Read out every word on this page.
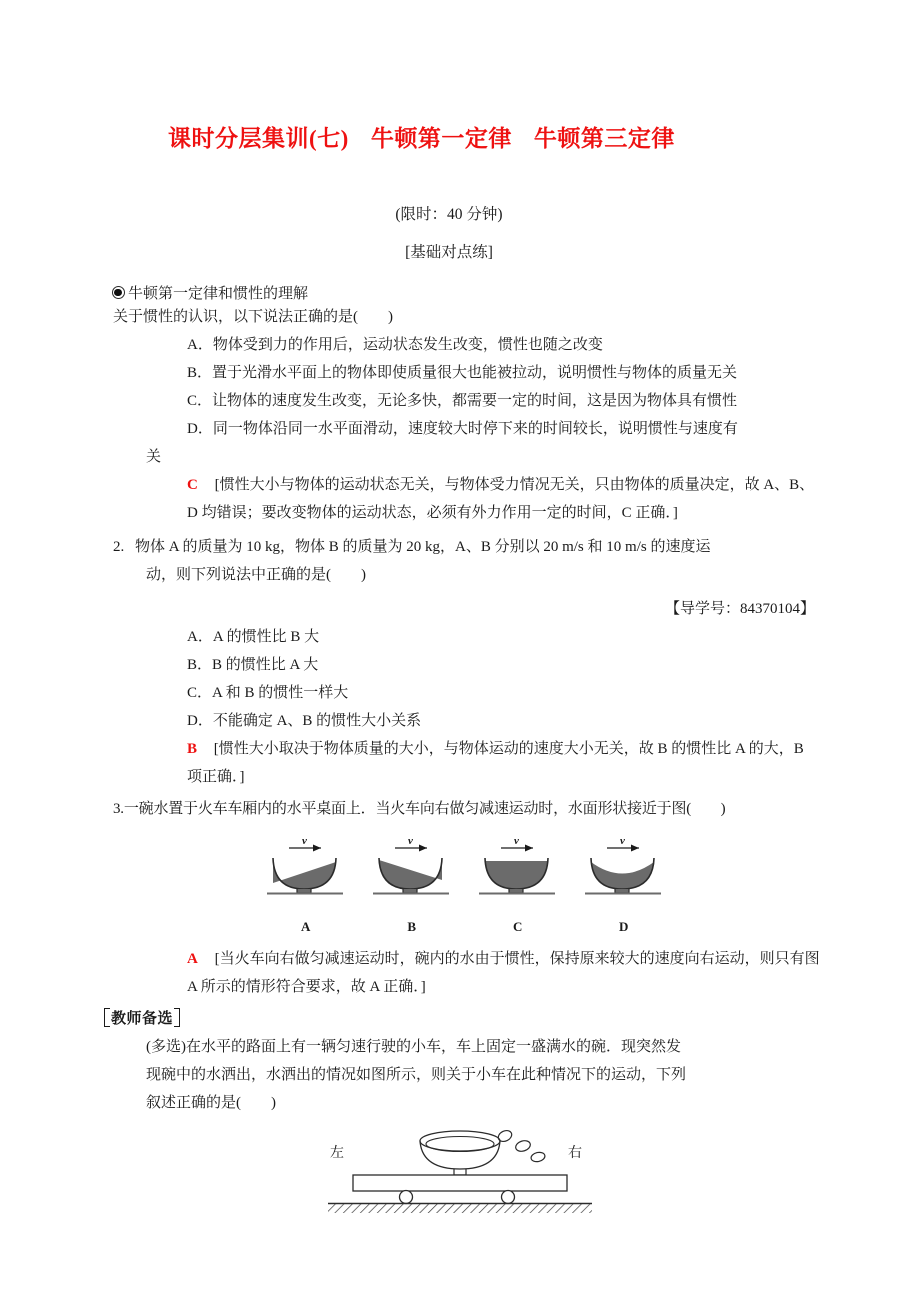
课时分层集训(七) 牛顿第一定律 牛顿第三定律

(限时：40 分钟)
[基础对点练]
牛顿第一定律和惯性的理解
关于惯性的认识，以下说法正确的是(　　)
A．物体受到力的作用后，运动状态发生改变，惯性也随之改变
B．置于光滑水平面上的物体即使质量很大也能被拉动，说明惯性与物体的质量无关
C．让物体的速度发生改变，无论多快，都需要一定的时间，这是因为物体具有惯性
D．同一物体沿同一水平面滑动，速度较大时停下来的时间较长，说明惯性与速度有
关
C [惯性大小与物体的运动状态无关，与物体受力情况无关，只由物体的质量决定，故 A、B、D 均错误；要改变物体的运动状态，必须有外力作用一定的时间，C 正确．]
2. 物体 A 的质量为 10 kg，物体 B 的质量为 20 kg，A、B 分别以 20 m/s 和 10 m/s 的速度运
动，则下列说法中正确的是(　　)
【导学号：84370104】
A．A 的惯性比 B 大
B．B 的惯性比 A 大
C．A 和 B 的惯性一样大
D．不能确定 A、B 的惯性大小关系
B [惯性大小取决于物体质量的大小，与物体运动的速度大小无关，故 B 的惯性比 A 的大，B 项正确．]
3.一碗水置于火车车厢内的水平桌面上．当火车向右做匀减速运动时，水面形状接近于图(　　)
v
A
v
B
v
C
v
D
A [当火车向右做匀减速运动时，碗内的水由于惯性，保持原来较大的速度向右运动，则只有图 A 所示的情形符合要求，故 A 正确．]
教师备选
(多选)在水平的路面上有一辆匀速行驶的小车，车上固定一盛满水的碗．现突然发
现碗中的水洒出，水洒出的情况如图所示，则关于小车在此种情况下的运动，下列
叙述正确的是(　　)
左	右
